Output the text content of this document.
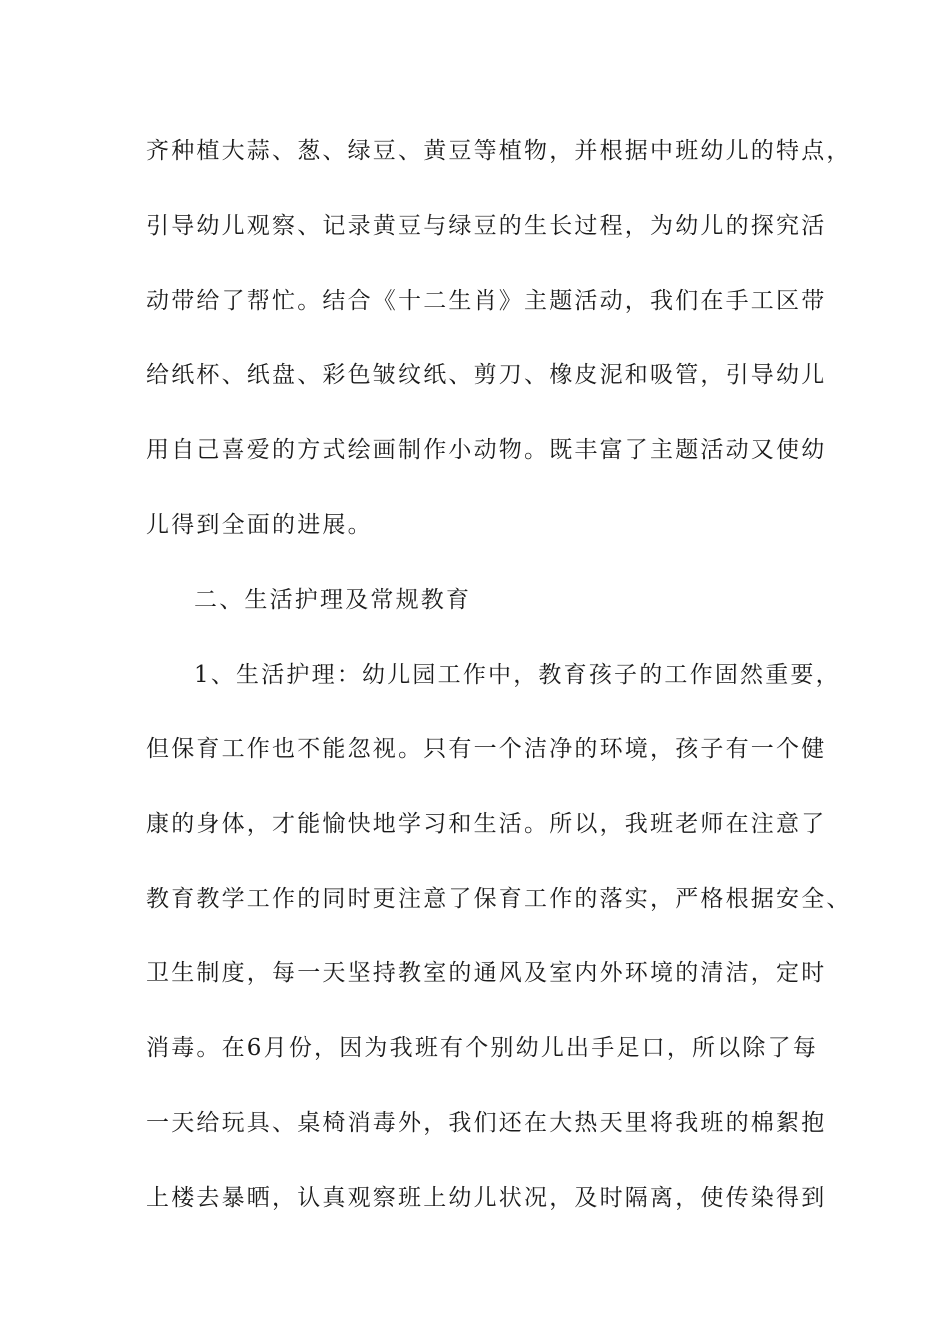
齐种植大蒜、葱、绿豆、黄豆等植物，并根据中班幼儿的特点，
引导幼儿观察、记录黄豆与绿豆的生长过程，为幼儿的探究活
动带给了帮忙。结合《十二生肖》主题活动，我们在手工区带
给纸杯、纸盘、彩色皱纹纸、剪刀、橡皮泥和吸管，引导幼儿
用自己喜爱的方式绘画制作小动物。既丰富了主题活动又使幼
儿得到全面的进展。
二、生活护理及常规教育
1、生活护理：幼儿园工作中，教育孩子的工作固然重要，
但保育工作也不能忽视。只有一个洁净的环境，孩子有一个健
康的身体，才能愉快地学习和生活。所以，我班老师在注意了
教育教学工作的同时更注意了保育工作的落实，严格根据安全、
卫生制度，每一天坚持教室的通风及室内外环境的清洁，定时
消毒。在6月份，因为我班有个别幼儿出手足口，所以除了每
一天给玩具、桌椅消毒外，我们还在大热天里将我班的棉絮抱
上楼去暴晒，认真观察班上幼儿状况，及时隔离，使传染得到
